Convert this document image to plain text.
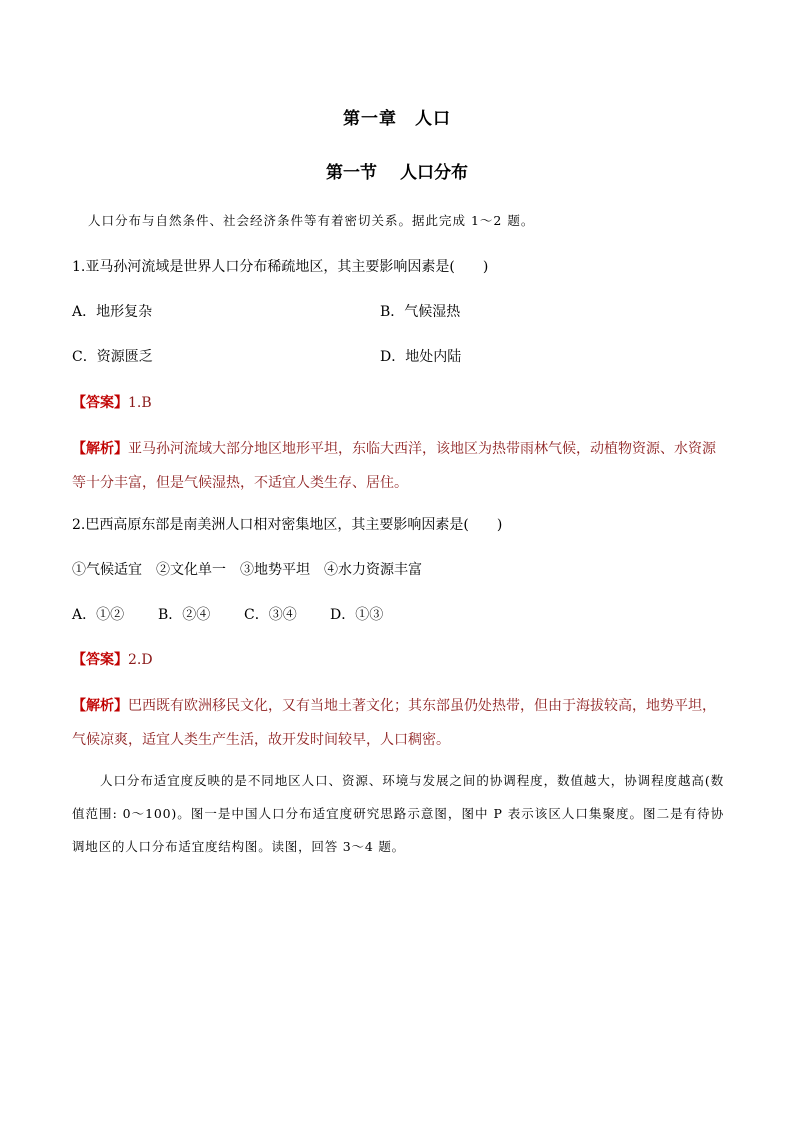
第一章　人口
第一节　 人口分布
人口分布与自然条件、社会经济条件等有着密切关系。据此完成 1～2 题。
1.亚马孙河流域是世界人口分布稀疏地区，其主要影响因素是(　　)
A．地形复杂	B．气候湿热
C．资源匮乏	D．地处内陆
【答案】1.B
【解析】亚马孙河流域大部分地区地形平坦，东临大西洋，该地区为热带雨林气候，动植物资源、水资源等十分丰富，但是气候湿热，不适宜人类生存、居住。
2.巴西高原东部是南美洲人口相对密集地区，其主要影响因素是(　　)
①气候适宜 ②文化单一 ③地势平坦 ④水力资源丰富
A．①② B．②④ C．③④ D．①③
【答案】2.D
【解析】巴西既有欧洲移民文化，又有当地土著文化；其东部虽仍处热带，但由于海拔较高，地势平坦，气候凉爽，适宜人类生产生活，故开发时间较早，人口稠密。
人口分布适宜度反映的是不同地区人口、资源、环境与发展之间的协调程度，数值越大，协调程度越高(数值范围: 0～100)。图一是中国人口分布适宜度研究思路示意图，图中 P 表示该区人口集聚度。图二是有待协调地区的人口分布适宜度结构图。读图，回答 3～4 题。
